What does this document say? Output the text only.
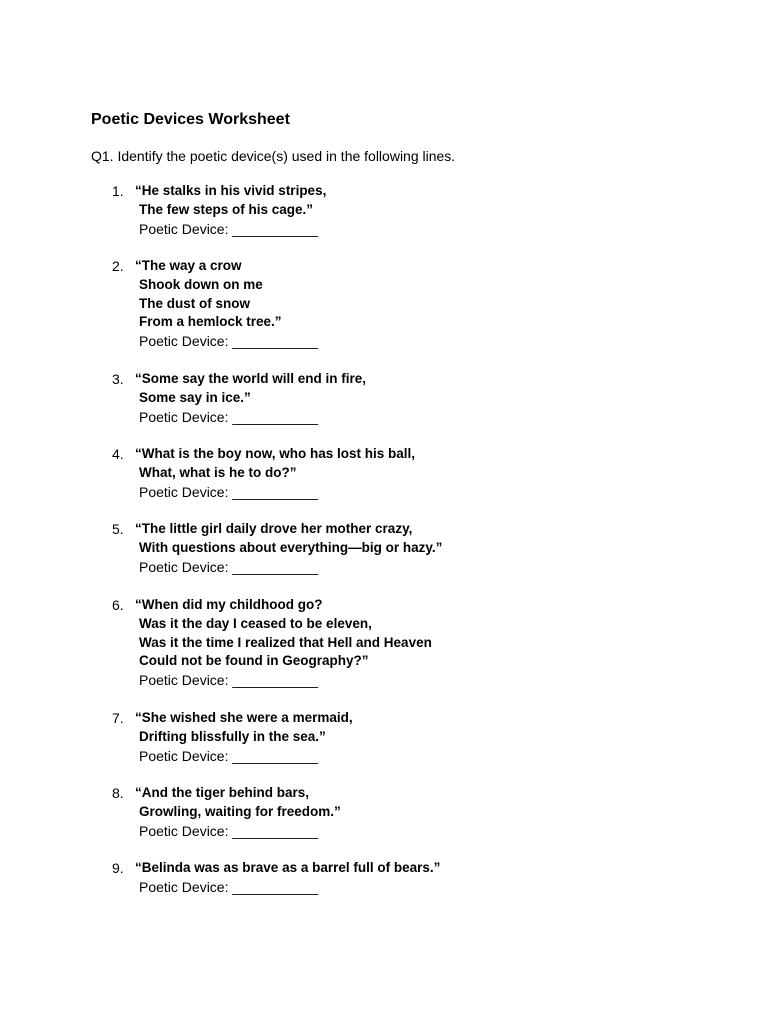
Poetic Devices Worksheet

Q1. Identify the poetic device(s) used in the following lines.

1. “He stalks in his vivid stripes,
The few steps of his cage.”
Poetic Device: ___________
2. “The way a crow
Shook down on me
The dust of snow
From a hemlock tree.”
Poetic Device: ___________
3. “Some say the world will end in fire,
Some say in ice.”
Poetic Device: ___________
4. “What is the boy now, who has lost his ball,
What, what is he to do?”
Poetic Device: ___________
5. “The little girl daily drove her mother crazy,
With questions about everything—big or hazy.”
Poetic Device: ___________
6. “When did my childhood go?
Was it the day I ceased to be eleven,
Was it the time I realized that Hell and Heaven
Could not be found in Geography?”
Poetic Device: ___________
7. “She wished she were a mermaid,
Drifting blissfully in the sea.”
Poetic Device: ___________
8. “And the tiger behind bars,
Growling, waiting for freedom.”
Poetic Device: ___________
9. “Belinda was as brave as a barrel full of bears.”
Poetic Device: ___________
